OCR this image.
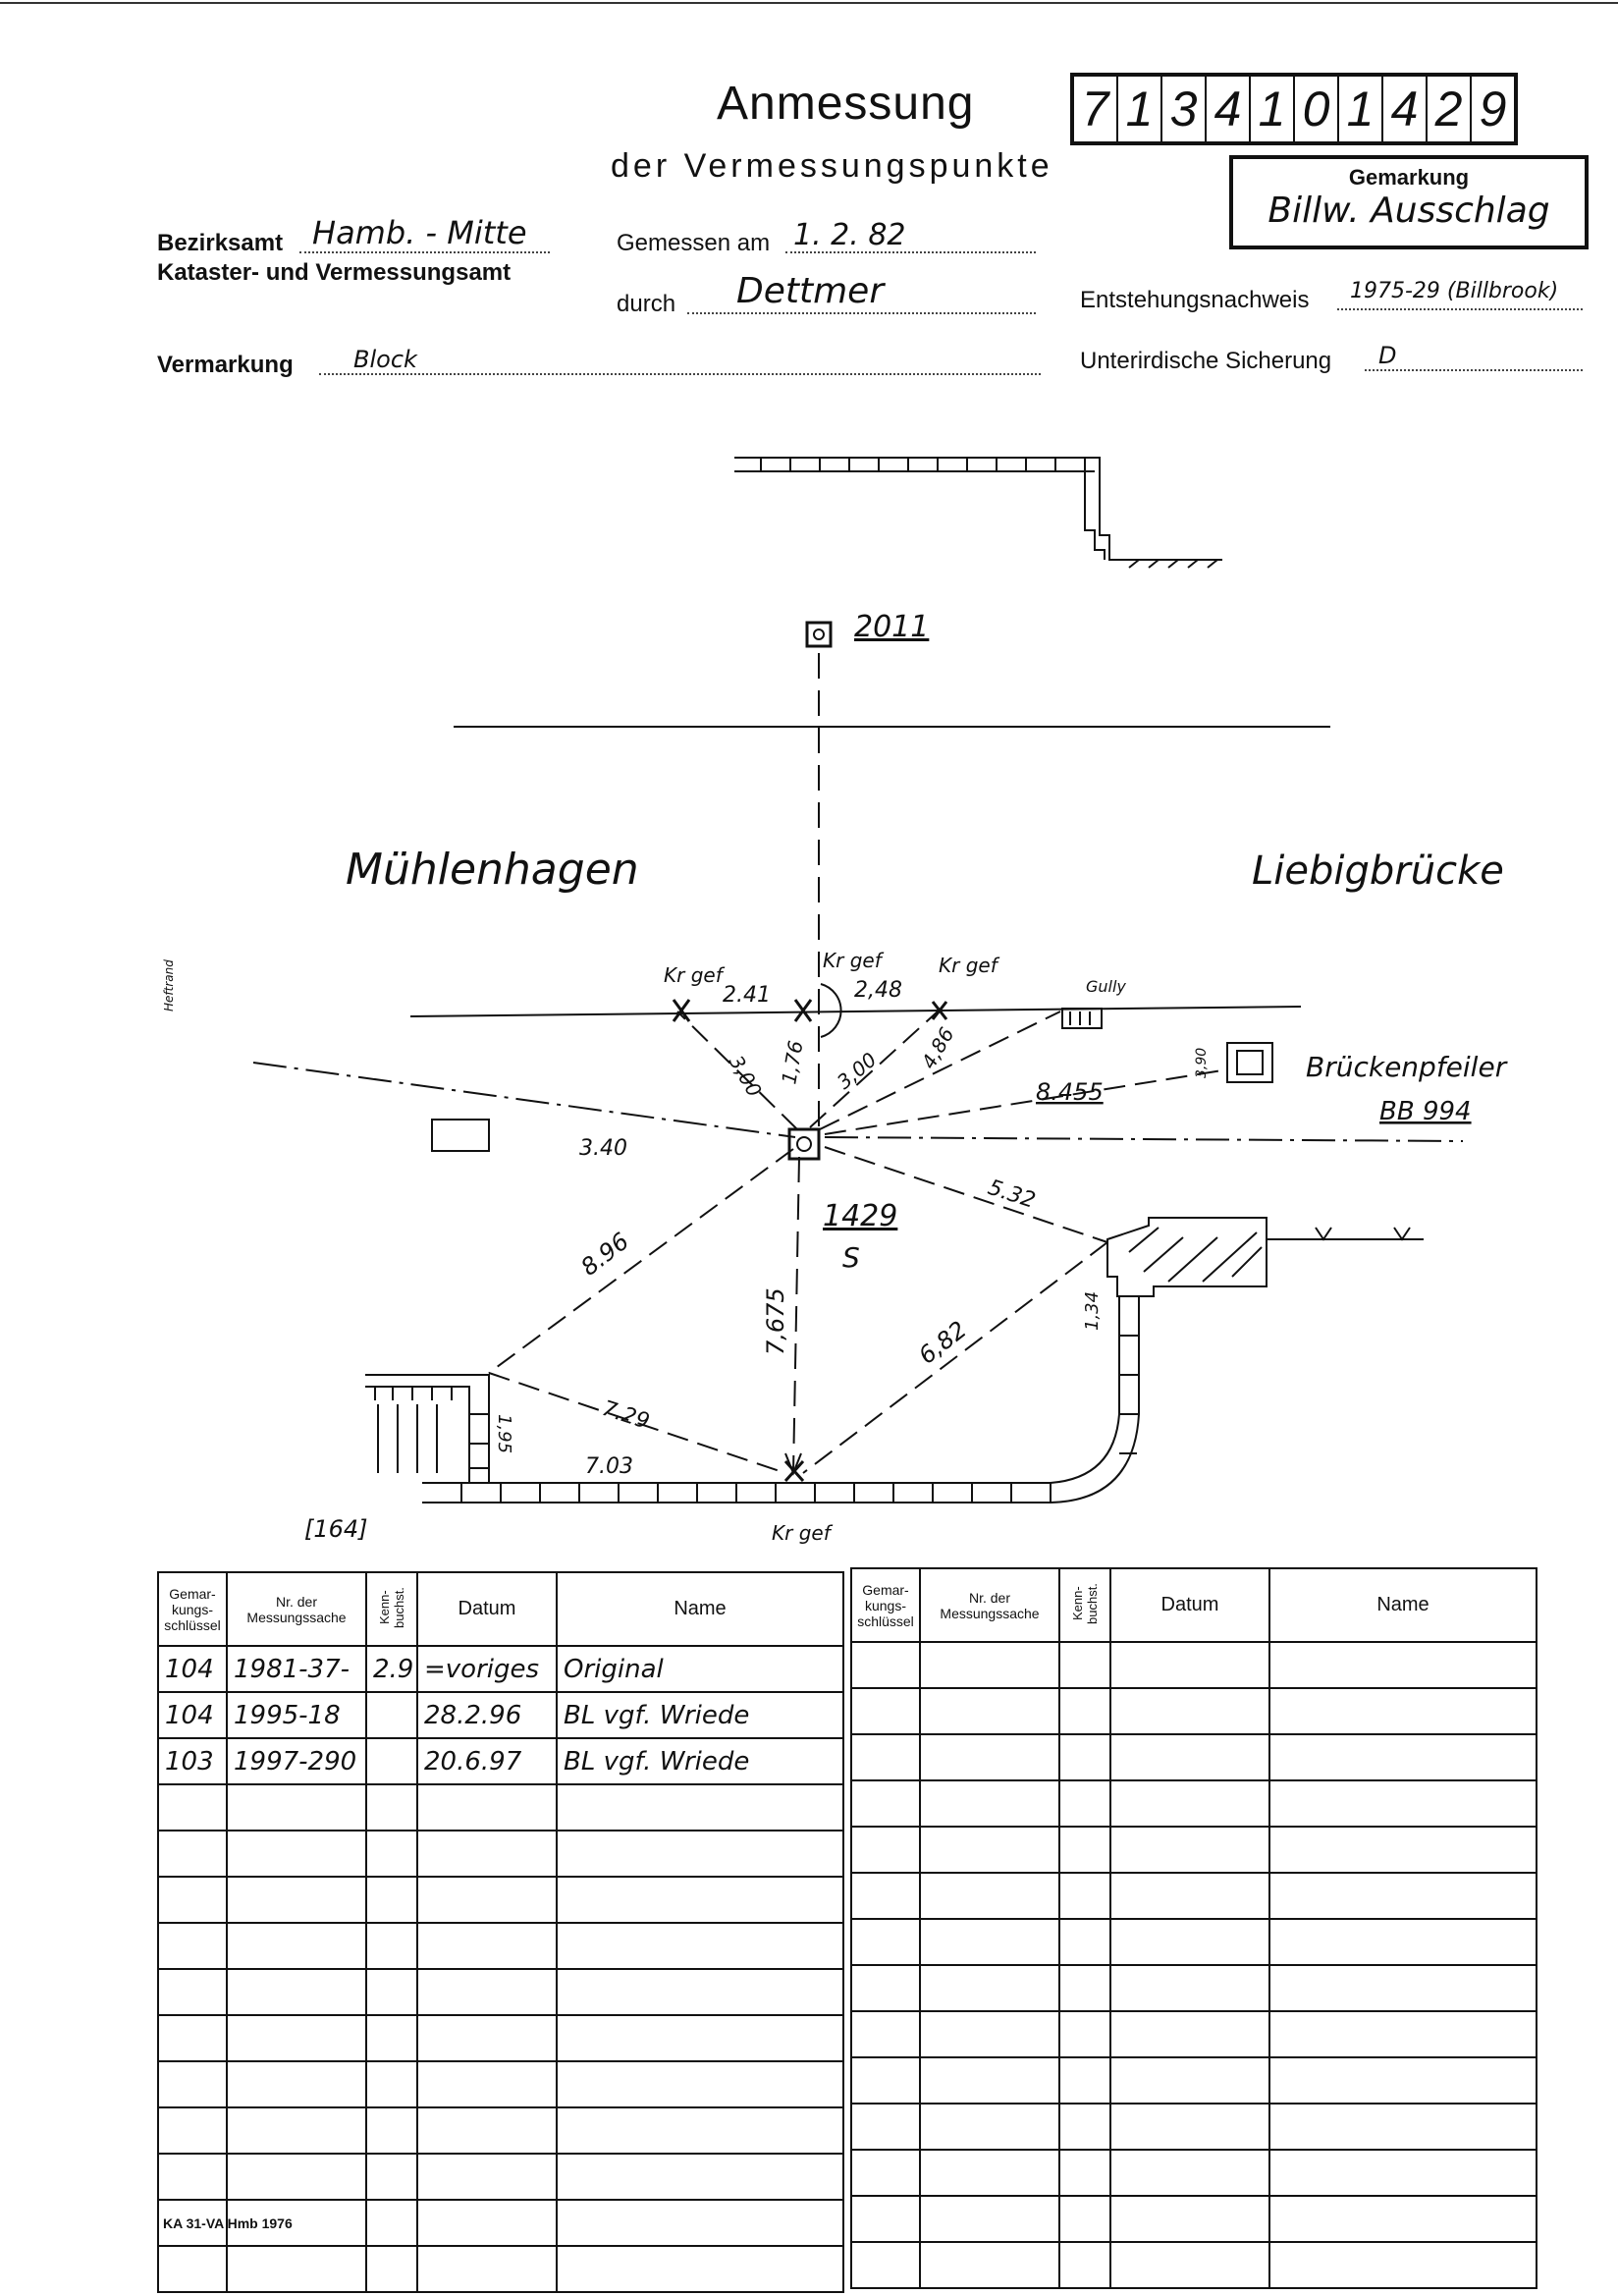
Anmessung
der Vermessungspunkte
7 1 3 4 1 0 1 4 2 9
Gemarkung
Billw. Ausschlag
Bezirksamt Hamb. - Mitte
Kataster- und Vermessungsamt
Gemessen am 1. 2. 82
durch Dettmer	Entstehungsnachweis 1975-29 (Billbrook)
Vermarkung	Block	Unterirdische Sicherung D
2011
Mühlenhagen	Liebigbrücke
Kr gef
Kr gef	Kr gef
Kr gef
Gully
Brückenpfeiler
BB 994
1429
S
[164]
2.41	2,48
3,00 1,76 3,00 4,86
8.455
3,90
3.40
5.32
8.96
7,675	6,82
1,34
7.29
7.03
1,95
Heftrand
Gemar-kungs-schlüssel	Nr. der Messungssache	Kenn-buchst.	Datum	Name
104	1981-37-	2.9	=voriges	Original
104	1995-18		28.2.96	BL vgf. Wriede
103	1997-290		20.6.97	BL vgf. Wriede

Gemar-kungs-schlüssel	Nr. der Messungssache	Kenn-buchst.	Datum	Name

KA 31-VA Hmb 1976
